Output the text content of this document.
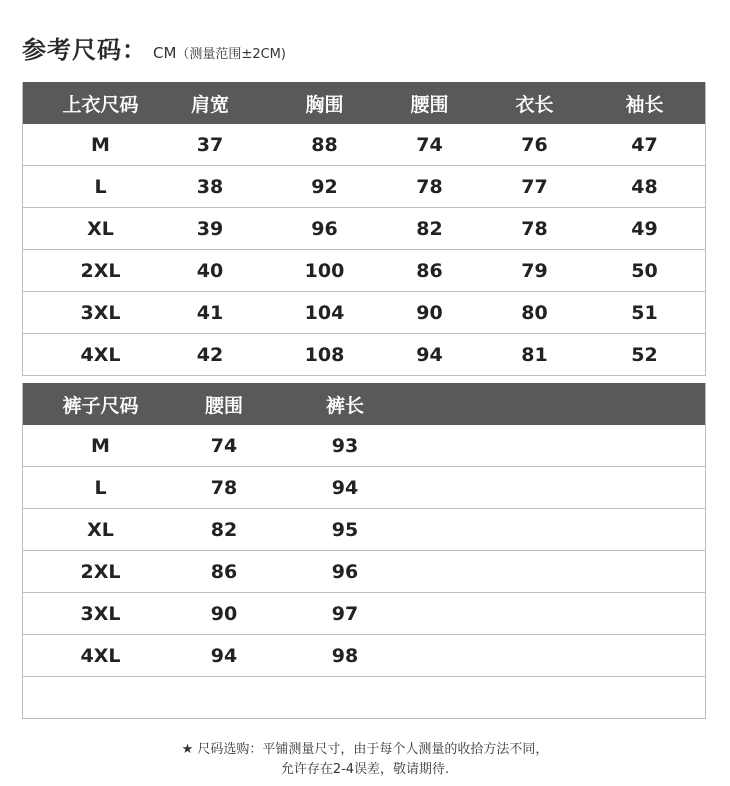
参考尺码： CM （测量范围±2CM)
上衣尺码	肩宽	胸围	腰围	衣长	袖长
M	37	88	74	76	47
L	38	92	78	77	48
XL	39	96	82	78	49
2XL	40	100	86	79	50
3XL	41	104	90	80	51
4XL	42	108	94	81	52
裤子尺码	腰围	裤长
M	74	93
L	78	94
XL	82	95
2XL	86	96
3XL	90	97
4XL	94	98
★ 尺码选购：平铺测量尺寸，由于每个人测量的收拾方法不同，
允许存在2-4误差，敬请期待.
